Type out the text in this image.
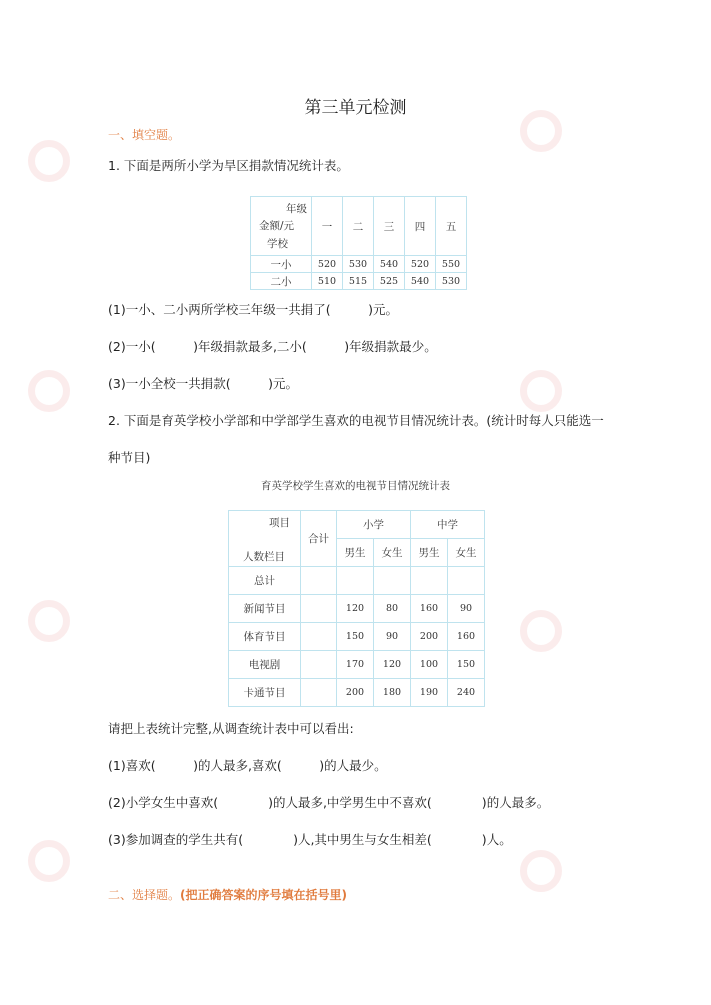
第三单元检测
一、填空题。
1. 下面是两所小学为旱区捐款情况统计表。
年级
金额/元
学校	一	二	三	四	五
一小	520	530	540	520	550
二小	510	515	525	540	530
(1)一小、二小两所学校三年级一共捐了(　　　)元。
(2)一小(　　　)年级捐款最多,二小(　　　)年级捐款最少。
(3)一小全校一共捐款(　　　)元。
2. 下面是育英学校小学部和中学部学生喜欢的电视节目情况统计表。(统计时每人只能选一
种节目)
育英学校学生喜欢的电视节目情况统计表
项目
人数栏目	合计	小学		中学	
		男生	女生	男生	女生
总计					
新闻节目		120	80	160	90
体育节目		150	90	200	160
电视剧		170	120	100	150
卡通节目		200	180	190	240
请把上表统计完整,从调查统计表中可以看出:
(1)喜欢(　　　)的人最多,喜欢(　　　)的人最少。
(2)小学女生中喜欢(　　　　)的人最多,中学男生中不喜欢(　　　　)的人最多。
(3)参加调查的学生共有(　　　　)人,其中男生与女生相差(　　　　)人。
二、选择题。(把正确答案的序号填在括号里)
